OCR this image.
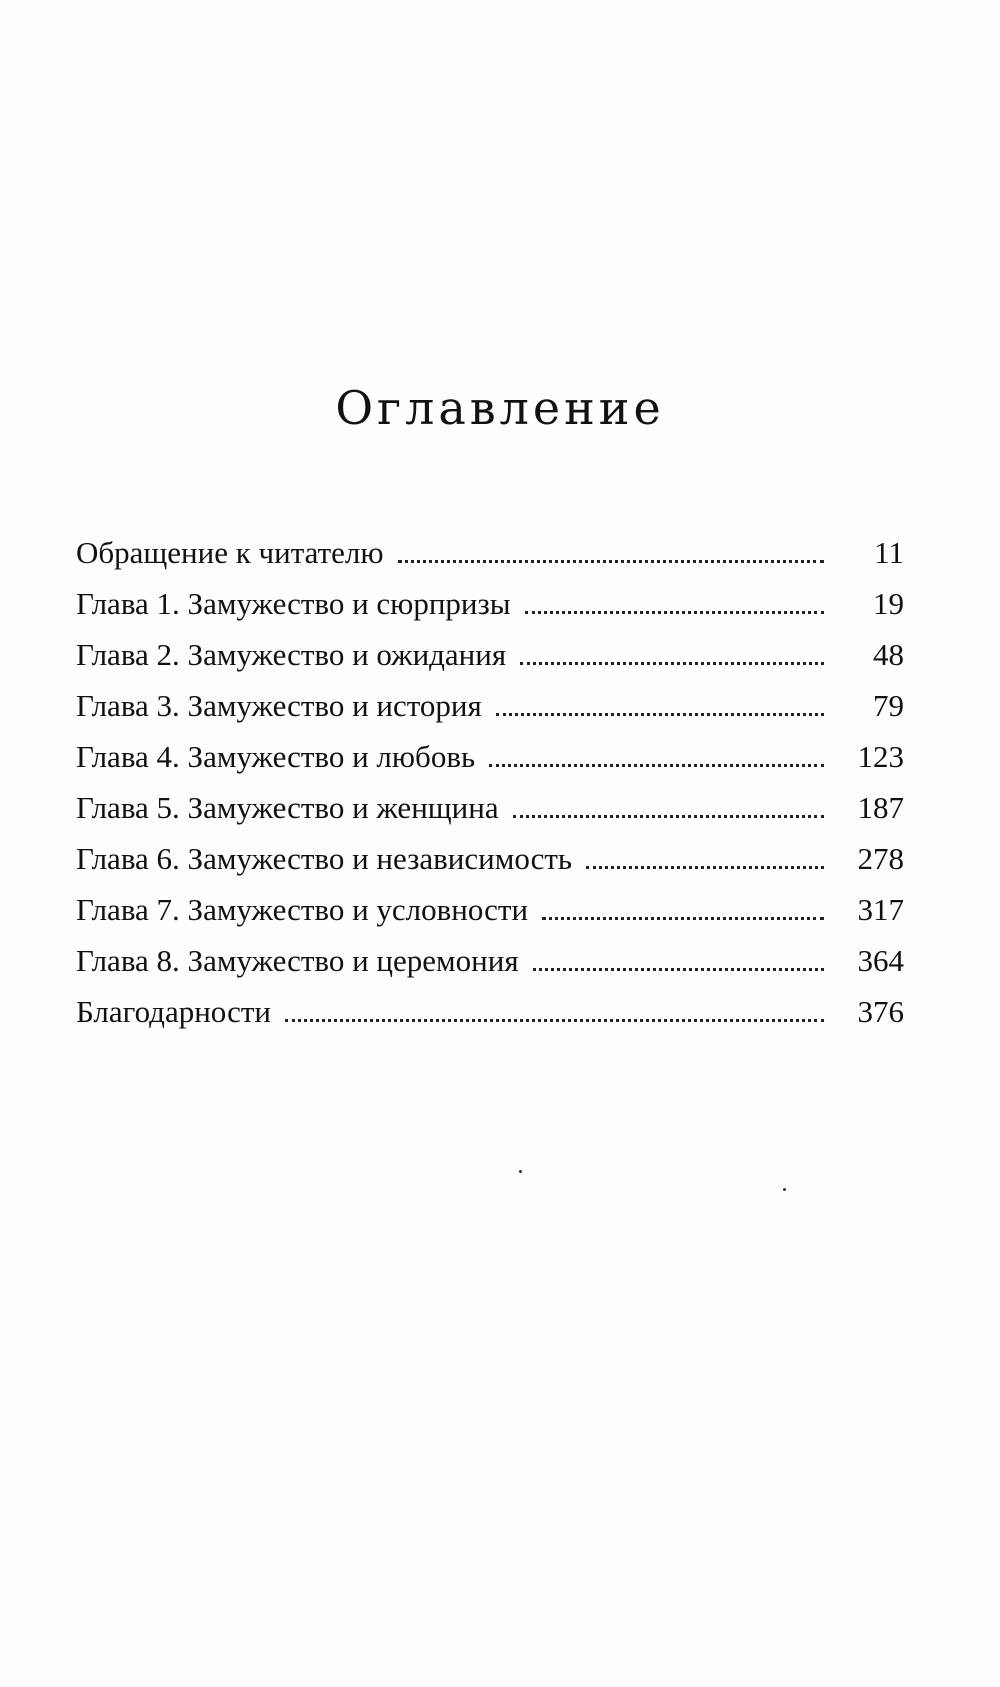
Оглавление
Обращение к читателю	11
Глава 1. Замужество и сюрпризы	19
Глава 2. Замужество и ожидания	48
Глава 3. Замужество и история	79
Глава 4. Замужество и любовь	123
Глава 5. Замужество и женщина	187
Глава 6. Замужество и независимость	278
Глава 7. Замужество и условности	317
Глава 8. Замужество и церемония	364
Благодарности	376
